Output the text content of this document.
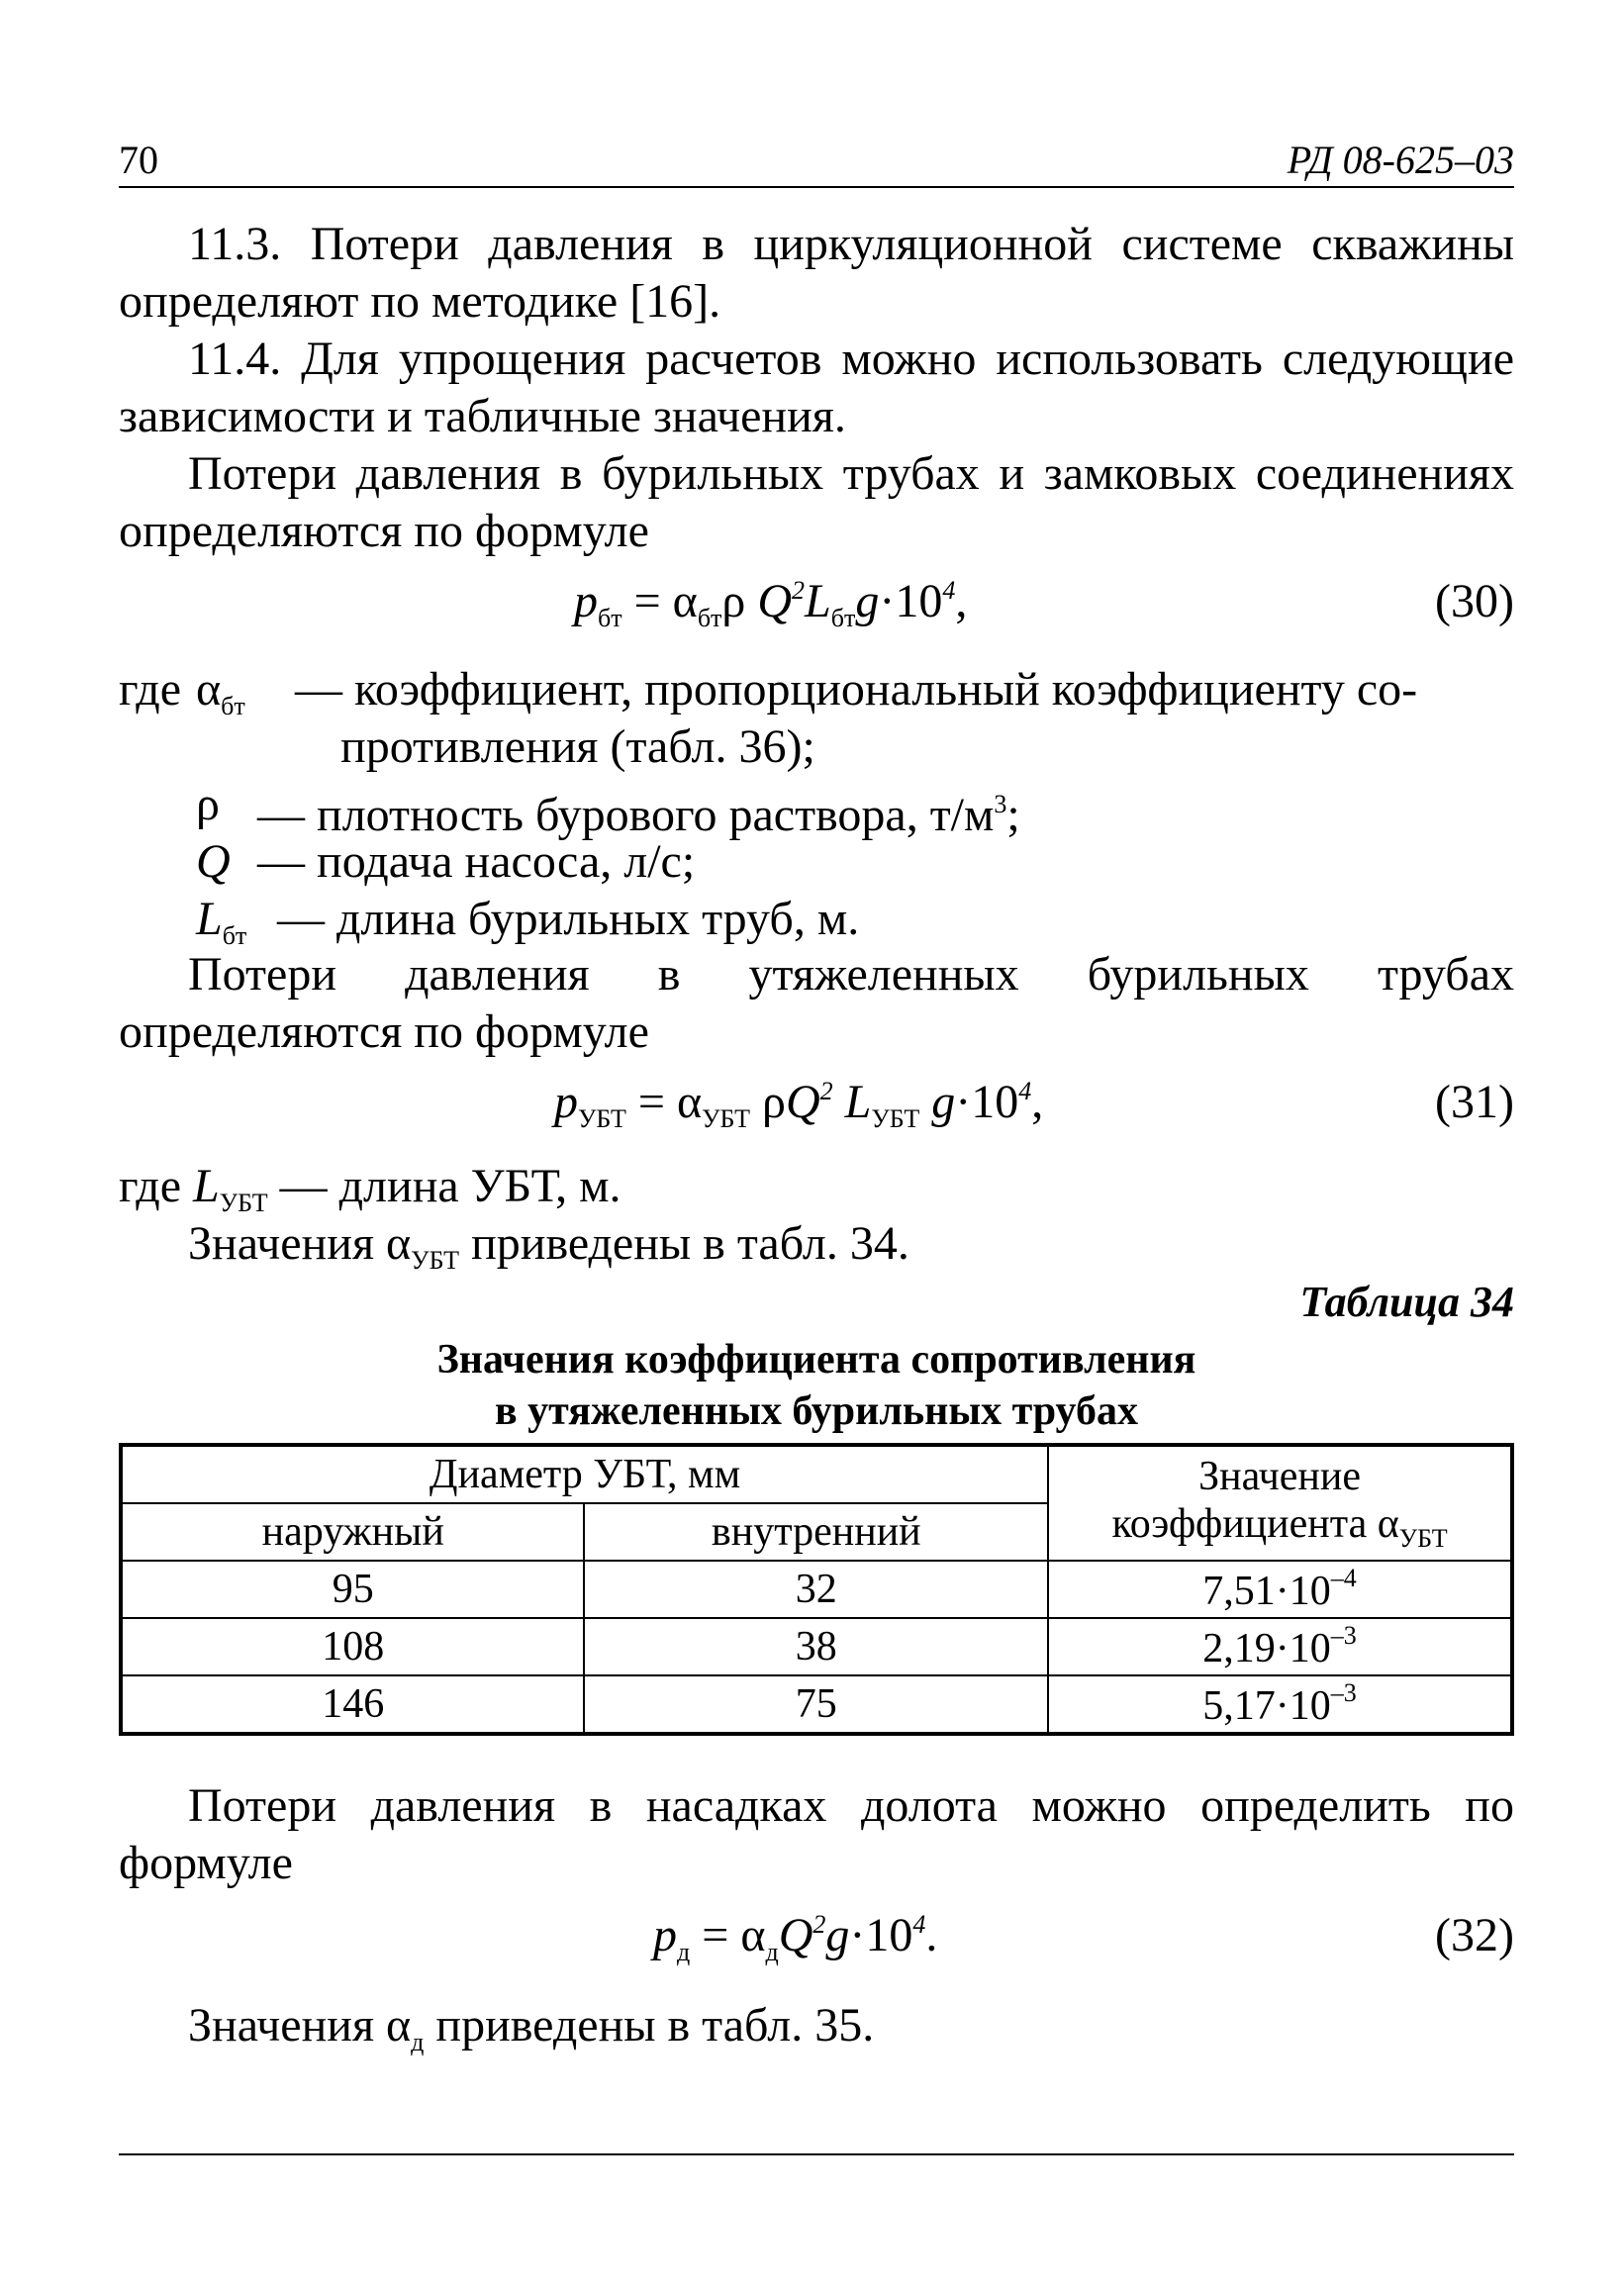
70	РД 08-625–03
11.3. Потери давления в циркуляционной системе скважины определяют по методике [16].
11.4. Для упрощения расчетов можно использовать следующие зависимости и табличные значения.
Потери давления в бурильных трубах и замковых соединениях определяются по формуле
$p_{бт} = \alpha_{бт}\rho$ $Q^2L_{бт}g\cdot 10^4$,	(30)
где $\alpha_{бт}$ — коэффициент, пропорциональный коэффициенту со-
противления (табл. 36);
ρ — плотность бурового раствора, $т/м^3$;
Q — подача насоса, л/с;
$L_{бт}$ — длина бурильных труб, м.
Потери давления в утяжеленных бурильных трубах определяются по формуле
$p_{УБТ} = \alpha_{УБТ}$ $\rho Q^2$ $L_{УБТ}$ $g\cdot 10^4$,	(31)
где $L_{УБТ}$ — длина УБТ, м.
Значения $\alpha_{УБТ}$ приведены в табл. 34.
Таблица 34
Значения коэффициента сопротивления
в утяжеленных бурильных трубах
Диаметр УБТ, мм		Значение
коэффициента $\alpha_{УБТ}$
наружный	внутренний	
95	32	$7,51\cdot 10^{-4}$
108	38	$2,19\cdot 10^{-3}$
146	75	$5,17\cdot 10^{-3}$
Потери давления в насадках долота можно определить по формуле
$p_д = \alpha_дQ^2g\cdot 10^4$.	(32)
Значения $\alpha_д$ приведены в табл. 35.
